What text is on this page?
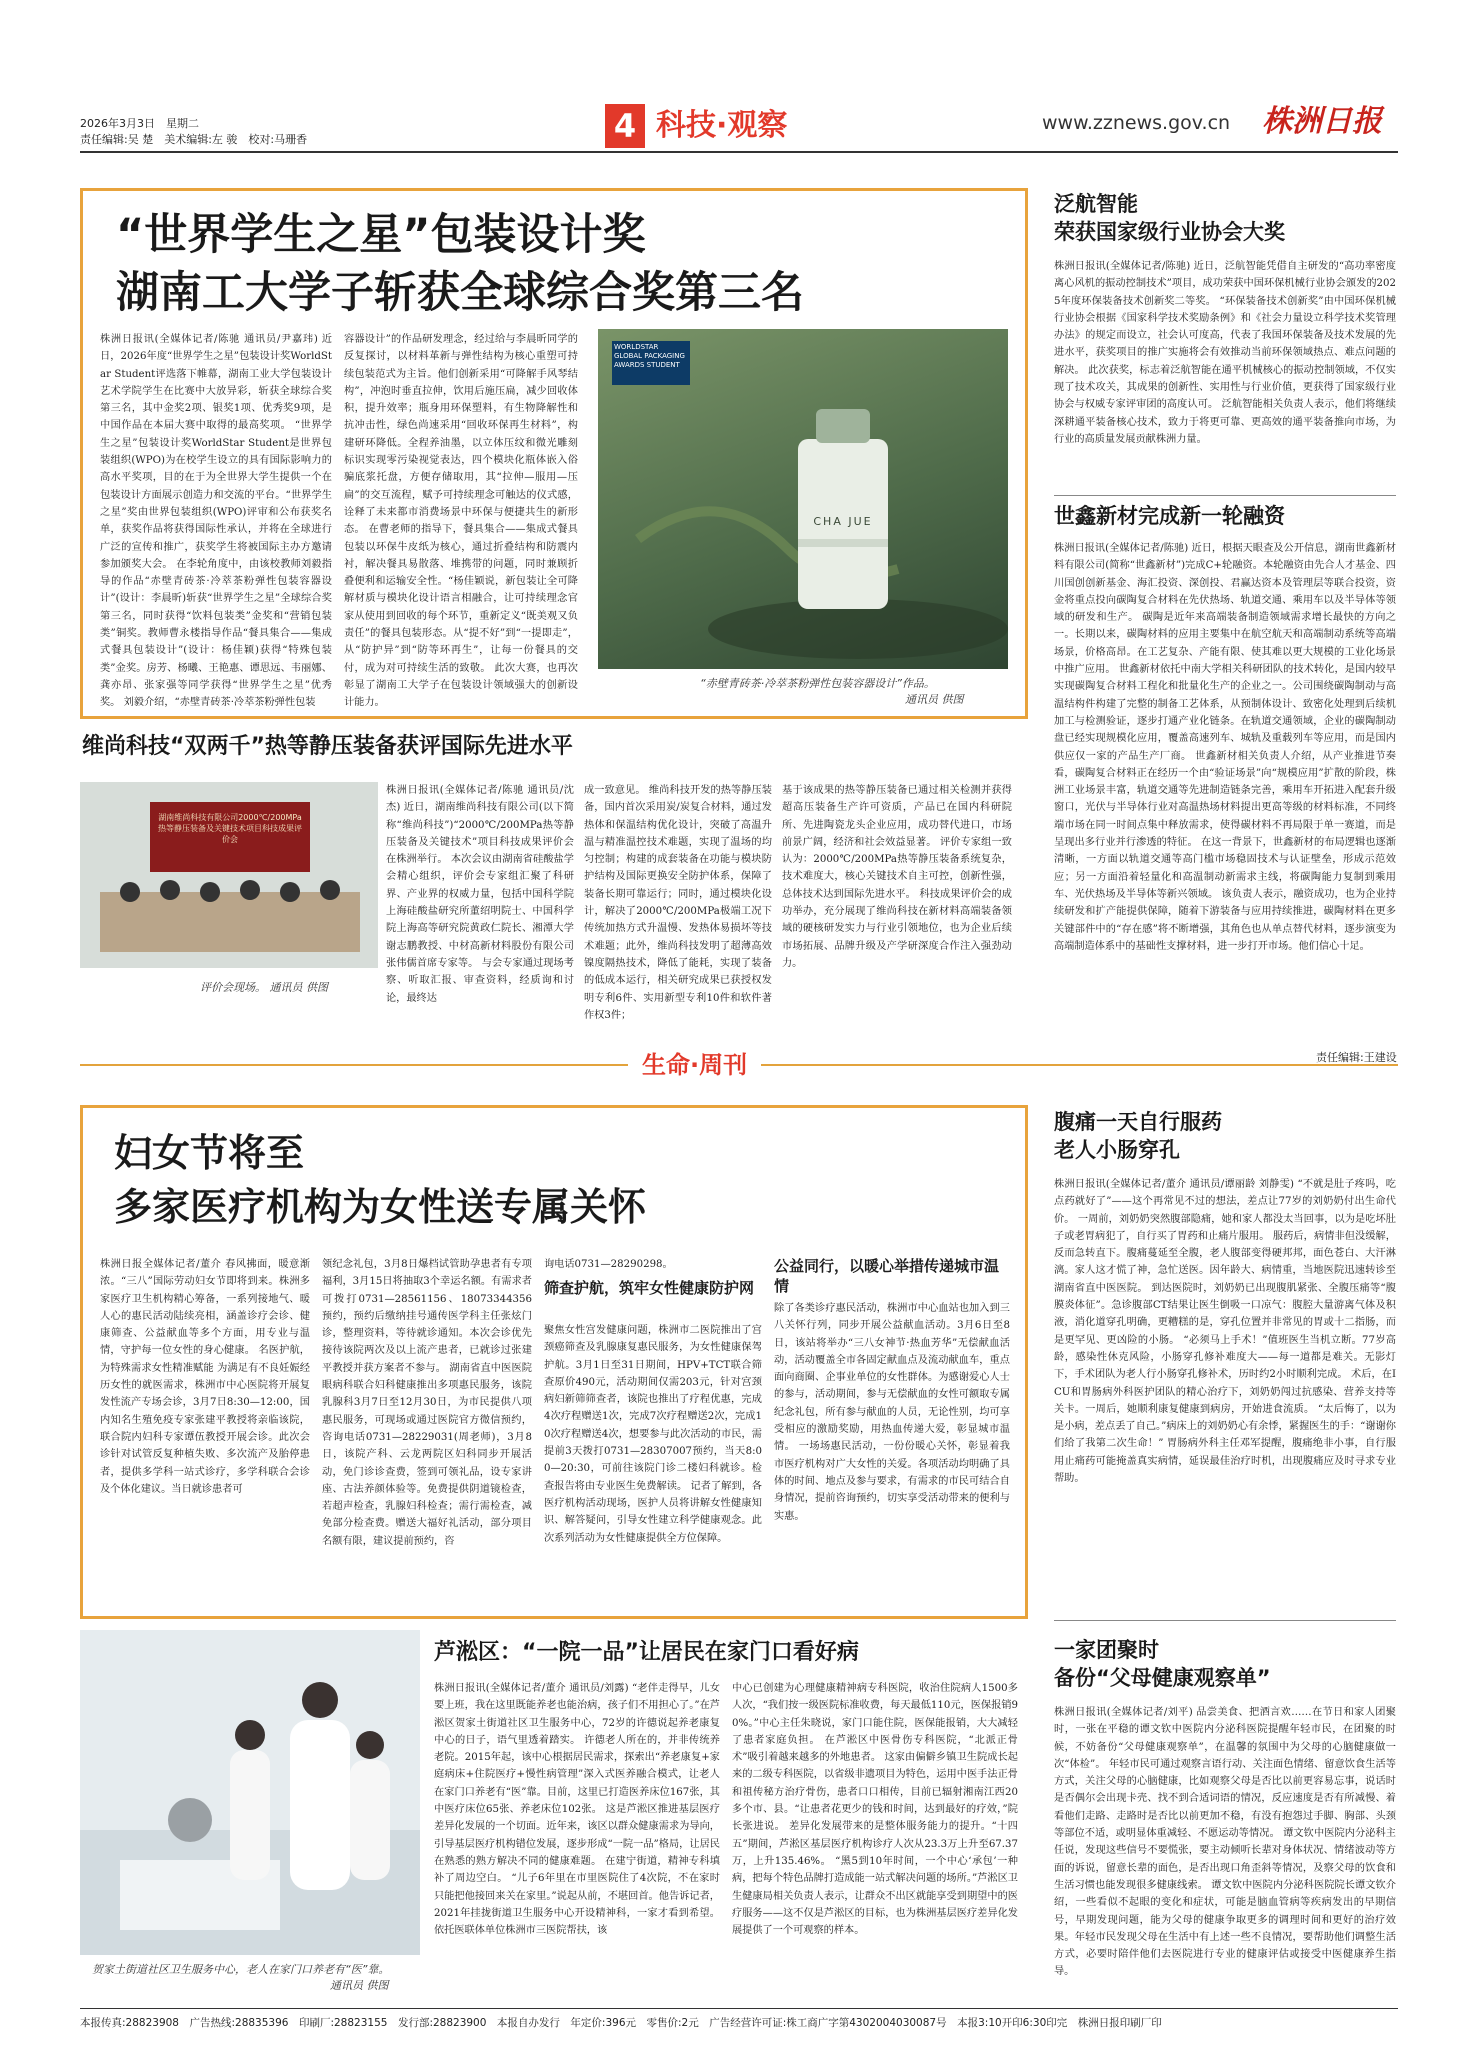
2026年3月3日　星期二
责任编辑:吴 楚　美术编辑:左 骏　校对:马珊香	4 科技·观察	www.zznews.gov.cn 株洲日报
“世界学生之星”包装设计奖
湖南工大学子斩获全球综合奖第三名
株洲日报讯(全媒体记者/陈驰 通讯员/尹嘉玮) 近日，2026年度“世界学生之星”包装设计奖WorldStar Student评选落下帷幕，湖南工业大学包装设计艺术学院学生在比赛中大放异彩，斩获全球综合奖第三名，其中金奖2项、银奖1项、优秀奖9项，是中国作品在本届大赛中取得的最高奖项。 “世界学生之星”包装设计奖WorldStar Student是世界包装组织(WPO)为在校学生设立的具有国际影响力的高水平奖项，目的在于为全世界大学生提供一个在包装设计方面展示创造力和交流的平台。“世界学生之星”奖由世界包装组织(WPO)评审和公布获奖名单，获奖作品将获得国际性承认，并将在全球进行广泛的宣传和推广，获奖学生将被国际主办方邀请参加颁奖大会。 在李轮角度中，由该校教师刘毅指导的作品“赤壁青砖茶·冷萃茶粉弹性包装容器设计”(设计：李晨昕)斩获“世界学生之星”全球综合奖第三名，同时获得“饮料包装类”金奖和“营销包装类”铜奖。教师曹永楼指导作品“餐具集合——集成式餐具包装设计”(设计：杨佳颖)获得“特殊包装类”金奖。房芳、杨曦、王艳惠、谭思远、韦丽娜、龚亦昂、张家强等同学获得“世界学生之星”优秀奖。 刘毅介绍，“赤壁青砖茶·冷萃茶粉弹性包装
容器设计”的作品研发理念，经过给与李晨昕同学的反复探讨，以材料革新与弹性结构为核心重塑可持续包装范式为主旨。他们创新采用“可降解手风琴结构”，冲泡时垂直拉伸，饮用后施压扁，减少回收体积，提升效率；瓶身用环保塑料，有生物降解性和抗冲击性，绿色尚速采用“回收环保再生材料”，构建研环降低。全程养油墨，以立体压纹和微光雕刻标识实现零污染视觉表达，四个模块化瓶体嵌入俗骗底浆托盘，方便存储取用，其“拉伸—服用—压扁”的交互流程，赋予可持续理念可触达的仪式感，诠释了未来都市消费场景中环保与便捷共生的新形态。 在曹老师的指导下，餐具集合——集成式餐具包装以环保牛皮纸为核心，通过折叠结构和防震内衬，解决餐具易散落、堆携带的问题，同时兼顾折叠便利和运输安全性。“杨佳颖说，新包装让全可降解材质与模块化设计语言相融合，让可持续理念官家从使用到回收的每个环节，重新定义“既美观又负责任”的餐具包装形态。从“提不好”到“一提即走”，从“防护异”到“防等环再生”，让每一份餐具的交付，成为对可持续生活的致敬。 此次大赛，也再次彰显了湖南工大学子在包装设计领域强大的创新设计能力。
WORLDSTAR GLOBAL PACKAGING AWARDS STUDENT
CHA JUE
“赤壁青砖茶·冷萃茶粉弹性包装容器设计”作品。
通讯员 供图
维尚科技“双两千”热等静压装备获评国际先进水平
湖南维尚科技有限公司2000℃/200MPa热等静压装备及关键技术项目科技成果评价会
评价会现场。 通讯员 供图
株洲日报讯(全媒体记者/陈驰 通讯员/沈杰) 近日，湖南维尚科技有限公司(以下简称“维尚科技”)“2000℃/200MPa热等静压装备及关键技术”项目科技成果评价会在株洲举行。 本次会议由湖南省硅酸盐学会精心组织，评价会专家组汇聚了科研界、产业界的权威力量，包括中国科学院上海硅酸盐研究所董绍明院士、中国科学院上海高等研究院黄政仁院长、湘潭大学谢志鹏教授、中材高新材料股份有限公司张伟儒首席专家等。 与会专家通过现场考察、听取汇报、审查资料，经质询和讨论，最终达
成一致意见。 维尚科技开发的热等静压装备，国内首次采用炭/炭复合材料，通过发热体和保温结构优化设计，突破了高温升温与精准温控技术难题，实现了温场的均匀控制；构建的成套装备在功能与模块防护结构及国际更换安全防护体系，保障了装备长期可靠运行；同时，通过模块化设计，解决了2000℃/200MPa极端工况下传统加热方式升温慢、发热体易损坏等技术难题；此外，维尚科技发明了超薄高效镍度隔热技术，降低了能耗，实现了装备的低成本运行，相关研究成果已获授权发明专利6件、实用新型专利10件和软件著作权3件；
基于该成果的热等静压装备已通过相关检测并获得超高压装备生产许可资质，产品已在国内科研院所、先进陶瓷龙头企业应用，成功替代进口，市场前景广阔，经济和社会效益显著。 评价专家组一致认为：2000℃/200MPa热等静压装备系统复杂，技术难度大，核心关键技术自主可控，创新性强，总体技术达到国际先进水平。 科技成果评价会的成功举办，充分展现了维尚科技在新材料高端装备领域的硬核研发实力与行业引领地位，也为企业后续市场拓展、品牌升级及产学研深度合作注入强劲动力。
泛航智能
荣获国家级行业协会大奖
株洲日报讯(全媒体记者/陈驰) 近日，泛航智能凭借自主研发的“高功率密度离心风机的振动控制技术”项目，成功荣获中国环保机械行业协会颁发的2025年度环保装备技术创新奖二等奖。 “环保装备技术创新奖”由中国环保机械行业协会根据《国家科学技术奖励条例》和《社会力量设立科学技术奖管理办法》的规定而设立，社会认可度高，代表了我国环保装备及技术发展的先进水平，获奖项目的推广实施将会有效推动当前环保领域热点、难点问题的解决。 此次获奖，标志着泛航智能在通平机械核心的振动控制领域，不仅实现了技术攻关，其成果的创新性、实用性与行业价值，更获得了国家级行业协会与权威专家评审团的高度认可。 泛航智能相关负责人表示，他们将继续深耕通平装备核心技术，致力于将更可靠、更高效的通平装备推向市场，为行业的高质量发展贡献株洲力量。
世鑫新材完成新一轮融资
株洲日报讯(全媒体记者/陈驰) 近日，根据天眼查及公开信息，湖南世鑫新材料有限公司(简称“世鑫新材”)完成C+轮融资。本轮融资由先合人才基金、四川国创创新基金、海汇投资、深创投、君赢达资本及管理层等联合投资，资金将重点投向碳陶复合材料在先伏热场、轨道交通、乘用车以及半导体等领域的研发和生产。 碳陶是近年来高端装备制造领域需求增长最快的方向之一。长期以来，碳陶材料的应用主要集中在航空航天和高端制动系统等高端场景，价格高昂。在工艺复杂、产能有限、使其难以更大规模的工业化场景中推广应用。 世鑫新材依托中南大学相关科研团队的技术转化，是国内较早实现碳陶复合材料工程化和批量化生产的企业之一。公司围绕碳陶制动与高温结构件构建了完整的制备工艺体系，从预制体设计、致密化处理到后续机加工与检测验证，逐步打通产业化链条。在轨道交通领域，企业的碳陶制动盘已经实现规模化应用，覆盖高速列车、城轨及重载列车等应用，而是国内供应仅一家的产品生产厂商。 世鑫新材相关负责人介绍，从产业推进节奏看，碳陶复合材料正在经历一个由“验证场景”向“规模应用”扩散的阶段，株洲工业场景丰富，轨道交通等先进制造链条完善，乘用车开拓进入配套升级窗口，光伏与半导体行业对高温热场材料提出更高等级的材料标准，不同终端市场在同一时间点集中释放需求，使得碳材料不再局限于单一赛道，而是呈现出多行业并行渗透的特征。 在这一背景下，世鑫新材的布局逻辑也逐渐清晰，一方面以轨道交通等高门槛市场稳固技术与认证壁垒，形成示范效应；另一方面沿着轻量化和高温制动新需求主线，将碳陶能力复制到乘用车、光伏热场及半导体等新兴领域。 该负责人表示，融资成功，也为企业持续研发和扩产能提供保障，随着下游装备与应用持续推进，碳陶材料在更多关键部件中的“存在感”将不断增强，其角色也从单点替代材料，逐步演变为高端制造体系中的基础性支撑材料，进一步打开市场。他们信心十足。
生命·周刊	责任编辑:王建设
妇女节将至
多家医疗机构为女性送专属关怀
株洲日报全媒体记者/董介 春风拂面，暖意渐浓。“三八”国际劳动妇女节即将到来。株洲多家医疗卫生机构精心筹备，一系列接地气、暖人心的惠民活动陆续亮相，涵盖诊疗会诊、健康筛查、公益献血等多个方面，用专业与温情，守护每一位女性的身心健康。 名医护航，为特殊需求女性精准赋能 为满足有不良妊娠经历女性的就医需求，株洲市中心医院将开展复发性流产专场会诊，3月7日8:30—12:00，国内知名生殖免疫专家张建平教授将亲临该院，联合院内妇科专家谭伍教授开展会诊。此次会诊针对试管反复种植失败、多次流产及胎停患者，提供多学科一站式诊疗，多学科联合会诊及个体化建议。当日就诊患者可
领纪念礼包，3月8日爆档试管助孕患者有专项福利，3月15日将抽取3个幸运名额。有需求者可拨打0731—28561156、18073344356预约，预约后缴纳挂号通传医学科主任张炫门诊，整理资料，等待就诊通知。本次会诊优先接待该院两次及以上流产患者，已就诊过张建平教授并获方案者不参与。 湖南省直中医医院眼病科联合妇科健康推出多项惠民服务，该院乳腺科3月7日至12月30日，为市民提供八项惠民服务，可现场或通过医院官方微信预约，咨询电话0731—28229031(周老师)，3月8日，该院产科、云龙两院区妇科同步开展活动，免门诊诊查费，签到可领礼品，设专家讲座、古法养颜体验等。免费提供阴道镜检查，若超声检查，乳腺妇科检查；需行需检查，减免部分检查费。赠送大福好礼活动，部分项目名额有限，建议提前预约，咨
询电话0731—28290298。
筛查护航，筑牢女性健康防护网
聚焦女性宫发健康问题，株洲市二医院推出了宫颈癌筛查及乳腺康复惠民服务，为女性健康保驾护航。3月1日至31日期间，HPV+TCT联合筛查原价490元，活动期间仅需203元，针对宫颈病妇新筛筛查者，该院也推出了疗程优惠，完成4次疗程赠送1次，完成7次疗程赠送2次，完成10次疗程赠送4次，想要参与此次活动的市民，需提前3天拨打0731—28307007预约，当天8:00—20:30，可前往该院门诊二楼妇科就诊。检查报告将由专业医生免费解读。 记者了解到，各医疗机构活动现场，医护人员将讲解女性健康知识、解答疑问，引导女性建立科学健康观念。此次系列活动为女性健康提供全方位保障。
公益同行，以暖心举措传递城市温情
除了各类诊疗惠民活动，株洲市中心血站也加入到三八关怀行列，同步开展公益献血活动。3月6日至8日，该站将举办“三八女神节·热血芳华”无偿献血活动，活动覆盖全市各固定献血点及流动献血车，重点面向商圈、企事业单位的女性群体。为感谢爱心人士的参与，活动期间，参与无偿献血的女性可额取专属纪念礼包，所有参与献血的人员，无论性别，均可享受相应的激励奖励，用热血传递大爱，彰显城市温情。 一场场惠民活动，一份份暖心关怀，彰显着我市医疗机构对广大女性的关爱。各项活动均明确了具体的时间、地点及参与要求，有需求的市民可结合自身情况，提前咨询预约，切实享受活动带来的便利与实惠。
贺家土街道社区卫生服务中心，老人在家门口养老有“医”靠。
通讯员 供图
芦淞区：“一院一品”让居民在家门口看好病
株洲日报讯(全媒体记者/董介 通讯员/刘露) “老伴走得早，儿女要上班，我在这里既能养老也能治病，孩子们不用担心了。”在芦淞区贺家土街道社区卫生服务中心，72岁的许德说起养老康复中心的日子，语气里透着踏实。 许德老人所在的，并非传统养老院。2015年起，该中心根据居民需求，探索出“养老康复+家庭病床+住院医疗+慢性病管理”深入式医养融合模式，让老人在家门口养老有“医”靠。目前，这里已打造医养床位167张，其中医疗床位65张、养老床位102张。 这是芦淞区推进基层医疗差异化发展的一个切面。近年来，该区以群众健康需求为导向，引导基层医疗机构错位发展，逐步形成“一院一品”格局，让居民在熟悉的熟方解决不同的健康难题。 在建宁街道，精神专科填补了周边空白。 “儿子6年里在市里医院住了4次院，不在家时只能把他接回来关在家里。”说起从前，不堪回首。他告诉记者，2021年挂拢街道卫生服务中心开设精神科，一家才看到希望。 依托医联体单位株洲市三医院帮扶，该
中心已创建为心理健康精神病专科医院，收治住院病人1500多人次，“我们按一级医院标准收费，每天最低110元，医保报销90%。”中心主任朱晓说，家门口能住院，医保能报销，大大减轻了患者家庭负担。 在芦淞区中医骨伤专科医院，“北派正骨术”吸引着越来越多的外地患者。 这家由偏僻乡镇卫生院成长起来的二级专科医院，以省级非遗项目为特色，运用中医手法正骨和祖传秘方治疗骨伤，患者口口相传，目前已辐射湘南江西20多个市、县。“让患者花更少的钱和时间，达到最好的疗效，”院长张进说。 差异化发展带来的是整体服务能力的提升。“十四五”期间，芦淞区基层医疗机构诊疗人次从23.3万上升至67.37万，上升135.46%。 “黑5到10年时间，一个中心‘承包’一种病，把每个特色品牌打造成能一站式解决问题的场所。”芦淞区卫生健康局相关负责人表示，让群众不出区就能享受到期望中的医疗服务——这不仅是芦淞区的目标，也为株洲基层医疗差异化发展提供了一个可观察的样本。
腹痛一天自行服药
老人小肠穿孔
株洲日报讯(全媒体记者/董介 通讯员/谭丽龄 刘静雯) “不就是肚子疼吗，吃点药就好了”——这个再常见不过的想法，差点让77岁的刘奶奶付出生命代价。 一周前，刘奶奶突然腹部隐痛，她和家人都没太当回事，以为是吃坏肚子或老胃病犯了，自行买了胃药和止痛片服用。 服药后，病情非但没缓解，反而急转直下。腹痛蔓延至全腹，老人腹部变得硬邦邦，面色苍白、大汗淋漓。家人这才慌了神，急忙送医。因年龄大、病情重，当地医院迅速转诊至湖南省直中医医院。 到达医院时，刘奶奶已出现腹肌紧张、全腹压痛等“腹膜炎体征”。急诊腹部CT结果让医生倒吸一口凉气：腹腔大量游离气体及积液，消化道穿孔明确，更糟糕的是，穿孔位置并非常见的胃或十二指肠，而是更罕见、更凶险的小肠。 “必须马上手术！”值班医生当机立断。77岁高龄，感染性休克风险，小肠穿孔修补难度大——每一道都是难关。无影灯下，手术团队为老人行小肠穿孔修补术，历时约2小时顺利完成。 术后，在ICU和胃肠病外科医护团队的精心治疗下，刘奶奶闯过抗感染、营养支持等关卡。一周后，她顺利康复健康到病房，开始进食流质。 “太后悔了，以为是小病，差点丢了自己。”病床上的刘奶奶心有余悸，紧握医生的手：“谢谢你们给了我第二次生命！” 胃肠病外科主任邓军提醒，腹痛绝非小事，自行服用止痛药可能掩盖真实病情，延误最佳治疗时机，出现腹痛应及时寻求专业帮助。
一家团聚时
备份“父母健康观察单”
株洲日报讯(全媒体记者/刘平) 品尝美食、把酒言欢……在节日和家人团聚时，一张在平稳的谭文钦中医院内分泌科医院提醒年轻市民，在团聚的时候，不妨备份“父母健康观察单”，在温馨的氛围中为父母的心脑健康做一次“体检”。 年轻市民可通过观察言语行动、关注面色情绪、留意饮食生活等方式，关注父母的心脑健康，比如观察父母是否比以前更容易忘事，说话时是否偶尔会出现卡壳、找不到合适词语的情况，反应速度是否有所减慢、着看他们走路、走路时是否比以前更加不稳，有没有抱怨过手脚、胸部、头颈等部位不适，或明显体重减轻、不愿运动等情况。 谭文钦中医院内分泌科主任说，发现这些信号不要慌张，要主动倾听长辈对身体状况、情绪波动等方面的诉说，留意长辈的面色，是否出现口角歪斜等情况，及察父母的饮食和生活习惯也能发现很多健康线索。 谭文钦中医院内分泌科医院院长谭文钦介绍，一些看似不起眼的变化和症状，可能是脑血管病等疾病发出的早期信号，早期发现问题，能为父母的健康争取更多的调理时间和更好的治疗效果。年轻市民发现父母在生活中有上述一些不良情况，要帮助他们调整生活方式，必要时陪伴他们去医院进行专业的健康评估或接受中医健康养生指导。
本报传真:28823908　广告热线:28835396　印刷厂:28823155　发行部:28823900　本报自办发行　年定价:396元　零售价:2元　广告经营许可证:株工商广字第4302004030087号　本报3:10开印6:30印完　株洲日报印刷厂印
